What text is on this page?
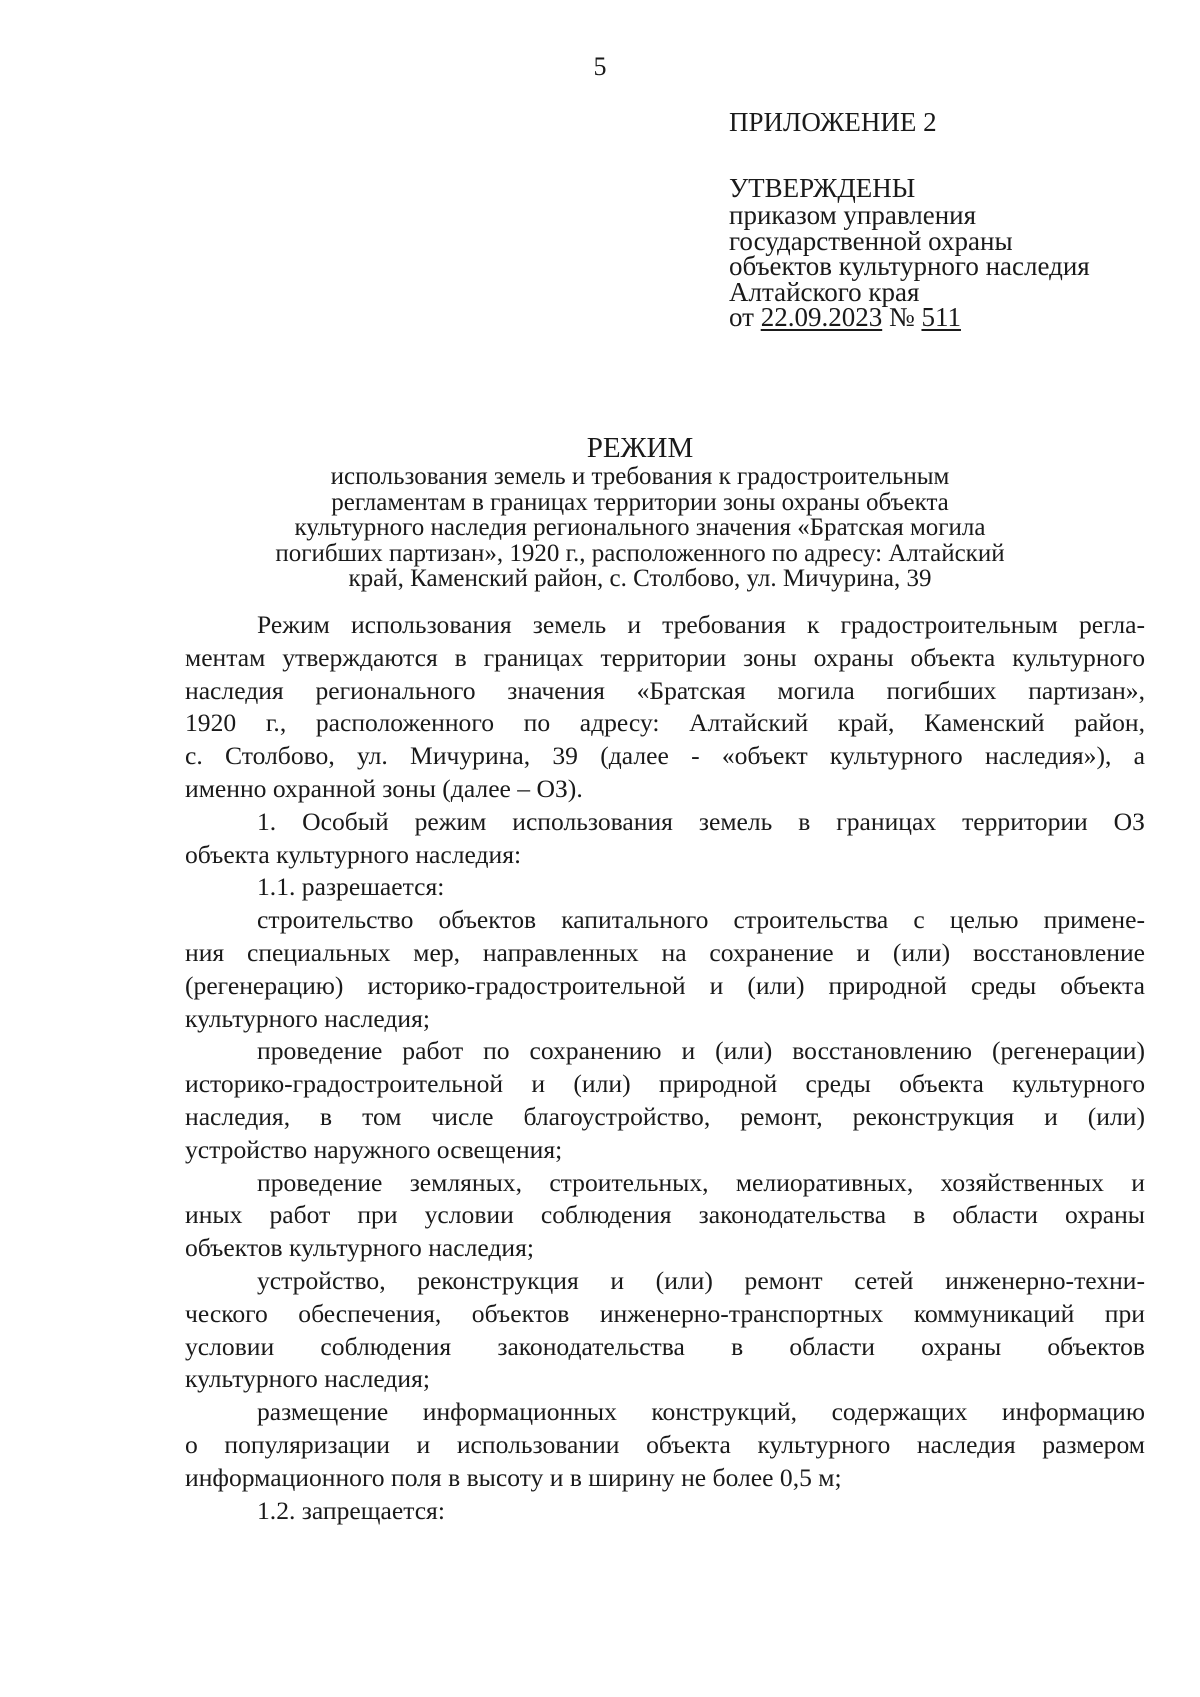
5
ПРИЛОЖЕНИЕ 2
УТВЕРЖДЕНЫ
приказом управления
государственной охраны
объектов культурного наследия
Алтайского края
от 22.09.2023 № 511
РЕЖИМ
использования земель и требования к градостроительным
регламентам в границах территории зоны охраны объекта
культурного наследия регионального значения «Братская могила
погибших партизан», 1920 г., расположенного по адресу: Алтайский
край, Каменский район, с. Столбово, ул. Мичурина, 39
Режим использования земель и требования к градостроительным регла-
ментам утверждаются в границах территории зоны охраны объекта культурного
наследия регионального значения «Братская могила погибших партизан»,
1920 г., расположенного по адресу: Алтайский край, Каменский район,
с. Столбово, ул. Мичурина, 39 (далее - «объект культурного наследия»), а
именно охранной зоны (далее – ОЗ).
1. Особый режим использования земель в границах территории ОЗ
объекта культурного наследия:
1.1. разрешается:
строительство объектов капитального строительства с целью примене-
ния специальных мер, направленных на сохранение и (или) восстановление
(регенерацию) историко-градостроительной и (или) природной среды объекта
культурного наследия;
проведение работ по сохранению и (или) восстановлению (регенерации)
историко-градостроительной и (или) природной среды объекта культурного
наследия, в том числе благоустройство, ремонт, реконструкция и (или)
устройство наружного освещения;
проведение земляных, строительных, мелиоративных, хозяйственных и
иных работ при условии соблюдения законодательства в области охраны
объектов культурного наследия;
устройство, реконструкция и (или) ремонт сетей инженерно-техни-
ческого обеспечения, объектов инженерно-транспортных коммуникаций при
условии соблюдения законодательства в области охраны объектов
культурного наследия;
размещение информационных конструкций, содержащих информацию
о популяризации и использовании объекта культурного наследия размером
информационного поля в высоту и в ширину не более 0,5 м;
1.2. запрещается:
